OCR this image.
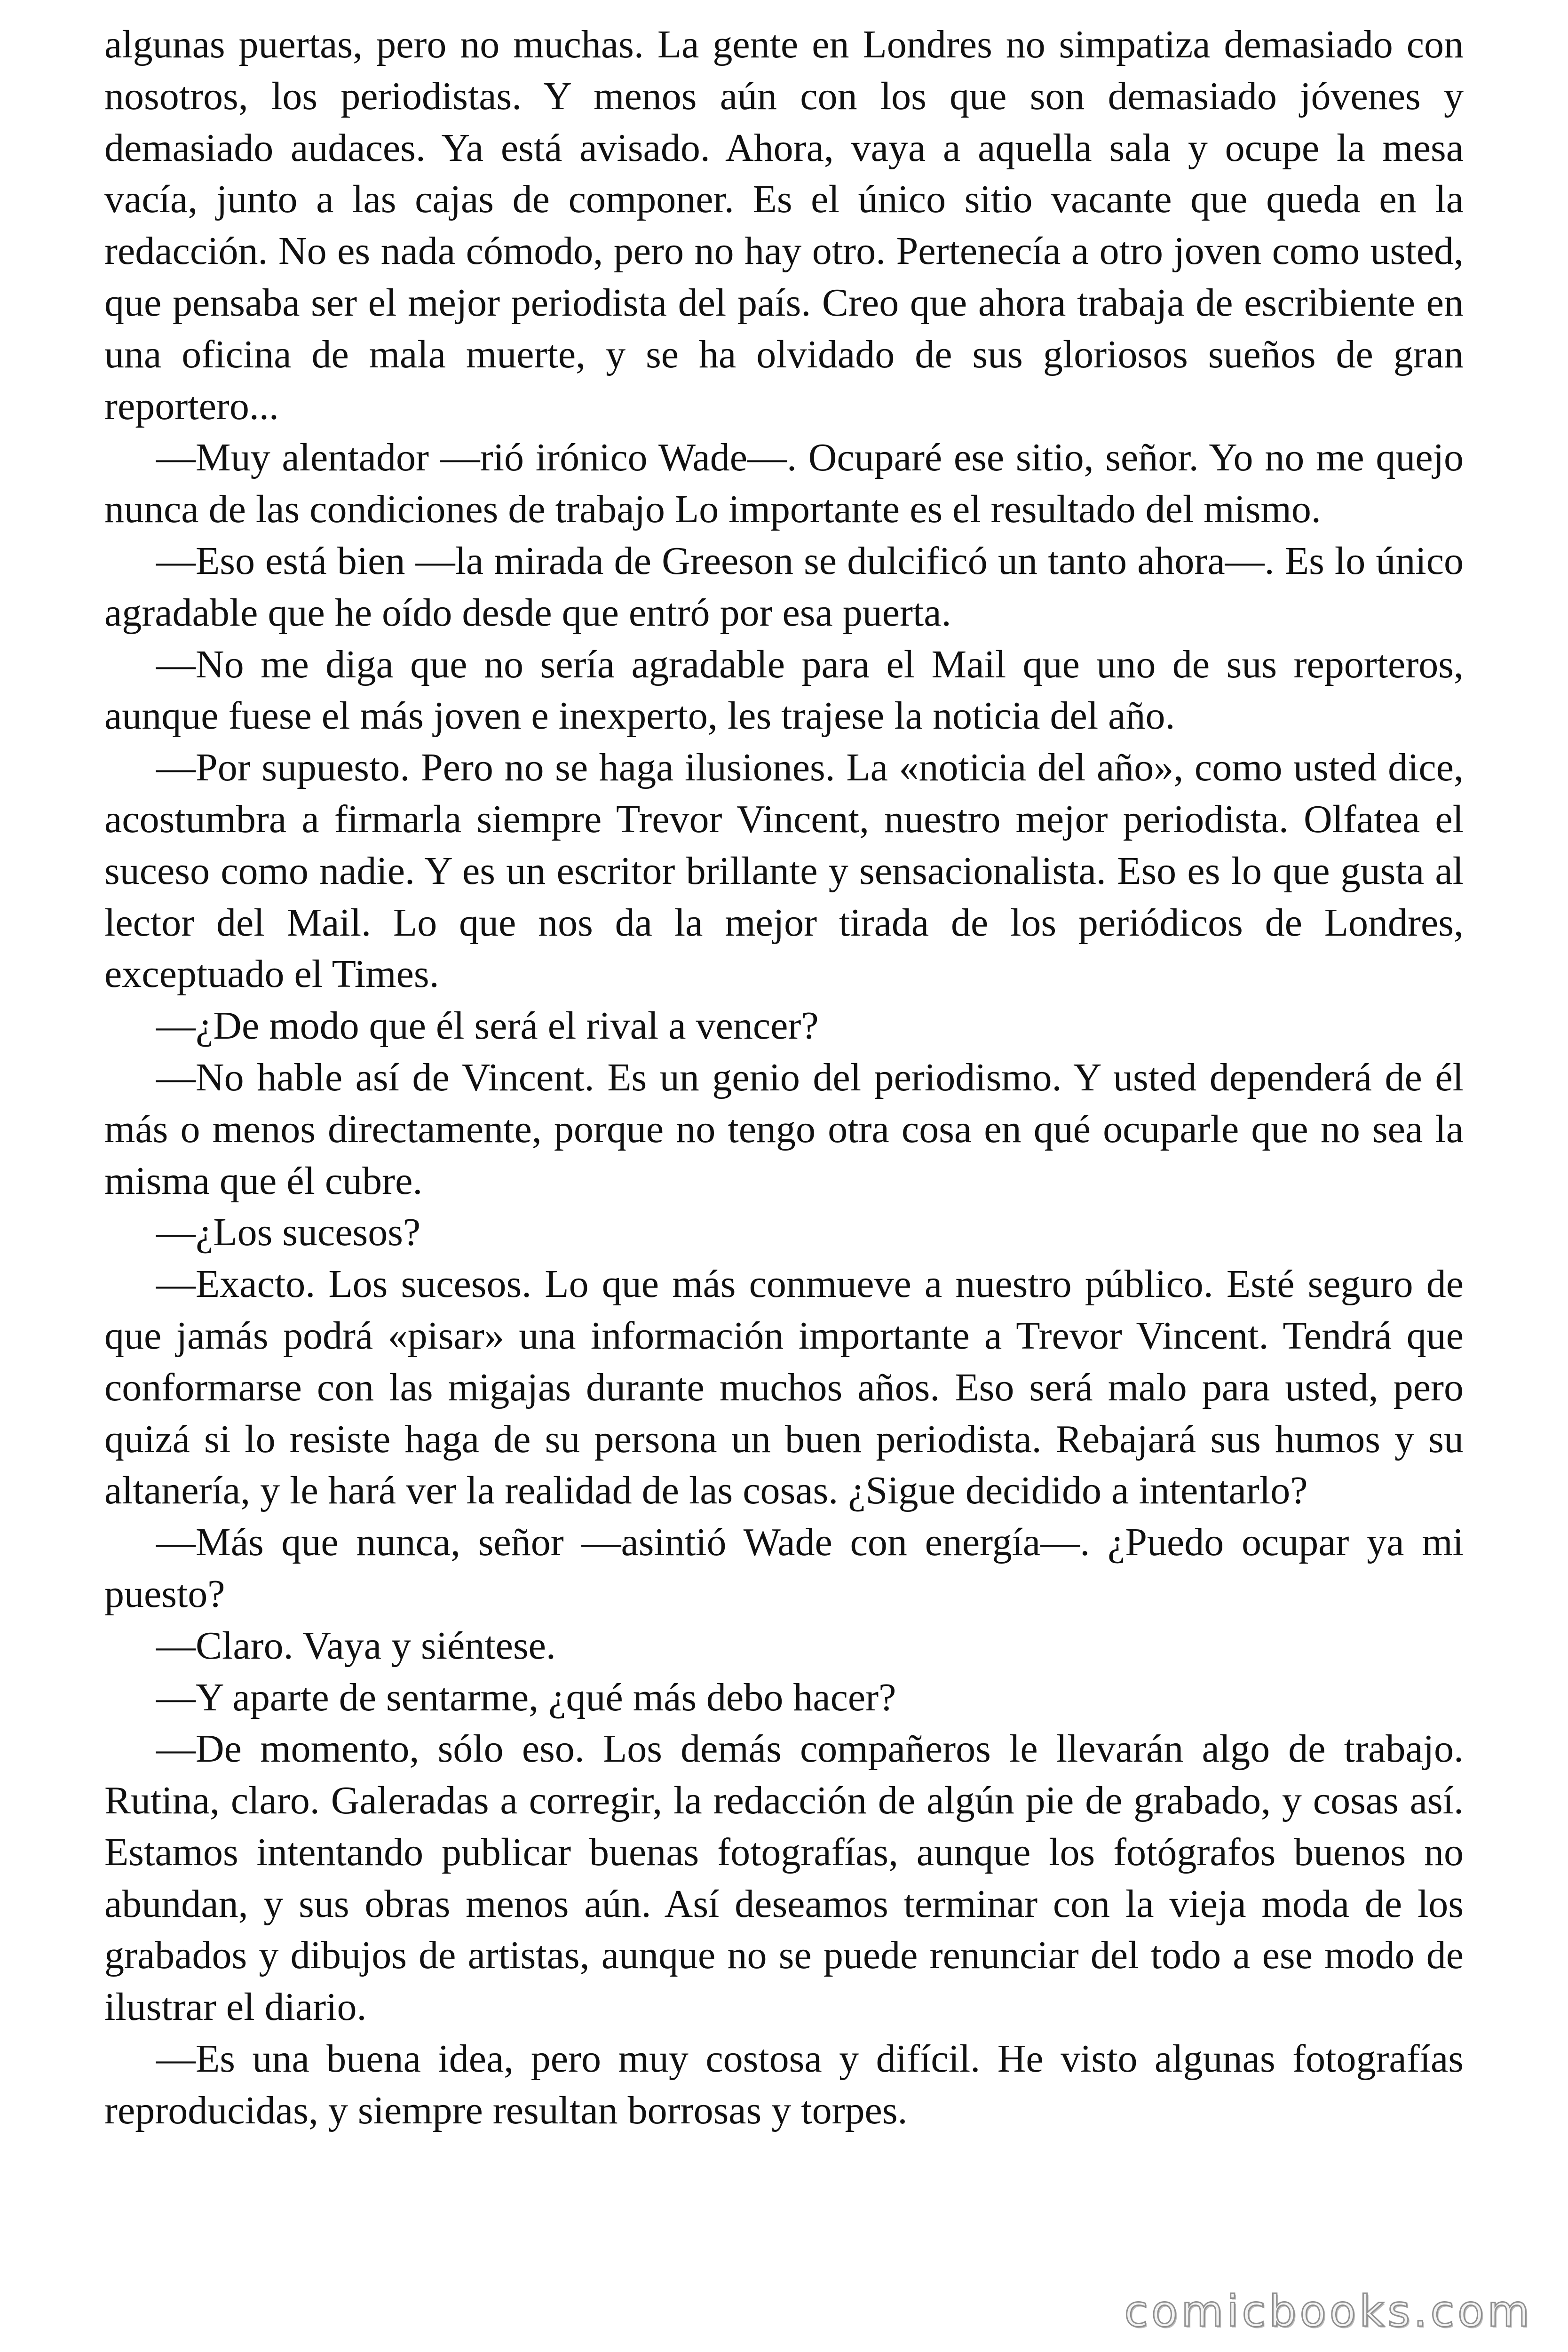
algunas puertas, pero no muchas. La gente en Londres no simpatiza demasiado con nosotros, los periodistas. Y menos aún con los que son demasiado jóvenes y demasiado audaces. Ya está avisado. Ahora, vaya a aquella sala y ocupe la mesa vacía, junto a las cajas de componer. Es el único sitio vacante que queda en la redacción. No es nada cómodo, pero no hay otro. Pertenecía a otro joven como usted, que pensaba ser el mejor periodista del país. Creo que ahora trabaja de escribiente en una oficina de mala muerte, y se ha olvidado de sus gloriosos sueños de gran reportero...

—Muy alentador —rió irónico Wade—. Ocuparé ese sitio, señor. Yo no me quejo nunca de las condiciones de trabajo Lo importante es el resultado del mismo.

—Eso está bien —la mirada de Greeson se dulcificó un tanto ahora—. Es lo único agradable que he oído desde que entró por esa puerta.

—No me diga que no sería agradable para el Mail que uno de sus reporteros, aunque fuese el más joven e inexperto, les trajese la noticia del año.

—Por supuesto. Pero no se haga ilusiones. La «noticia del año», como usted dice, acostumbra a firmarla siempre Trevor Vincent, nuestro mejor periodista. Olfatea el suceso como nadie. Y es un escritor brillante y sensacionalista. Eso es lo que gusta al lector del Mail. Lo que nos da la mejor tirada de los periódicos de Londres, exceptuado el Times.

—¿De modo que él será el rival a vencer?

—No hable así de Vincent. Es un genio del periodismo. Y usted dependerá de él más o menos directamente, porque no tengo otra cosa en qué ocuparle que no sea la misma que él cubre.

—¿Los sucesos?

—Exacto. Los sucesos. Lo que más conmueve a nuestro público. Esté seguro de que jamás podrá «pisar» una información importante a Trevor Vincent. Tendrá que conformarse con las migajas durante muchos años. Eso será malo para usted, pero quizá si lo resiste haga de su persona un buen periodista. Rebajará sus humos y su altanería, y le hará ver la realidad de las cosas. ¿Sigue decidido a intentarlo?

—Más que nunca, señor —asintió Wade con energía—. ¿Puedo ocupar ya mi puesto?

—Claro. Vaya y siéntese.

—Y aparte de sentarme, ¿qué más debo hacer?

—De momento, sólo eso. Los demás compañeros le llevarán algo de trabajo. Rutina, claro. Galeradas a corregir, la redacción de algún pie de grabado, y cosas así. Estamos intentando publicar buenas fotografías, aunque los fotógrafos buenos no abundan, y sus obras menos aún. Así deseamos terminar con la vieja moda de los grabados y dibujos de artistas, aunque no se puede renunciar del todo a ese modo de ilustrar el diario.

—Es una buena idea, pero muy costosa y difícil. He visto algunas fotografías reproducidas, y siempre resultan borrosas y torpes.

comicbooks.com
